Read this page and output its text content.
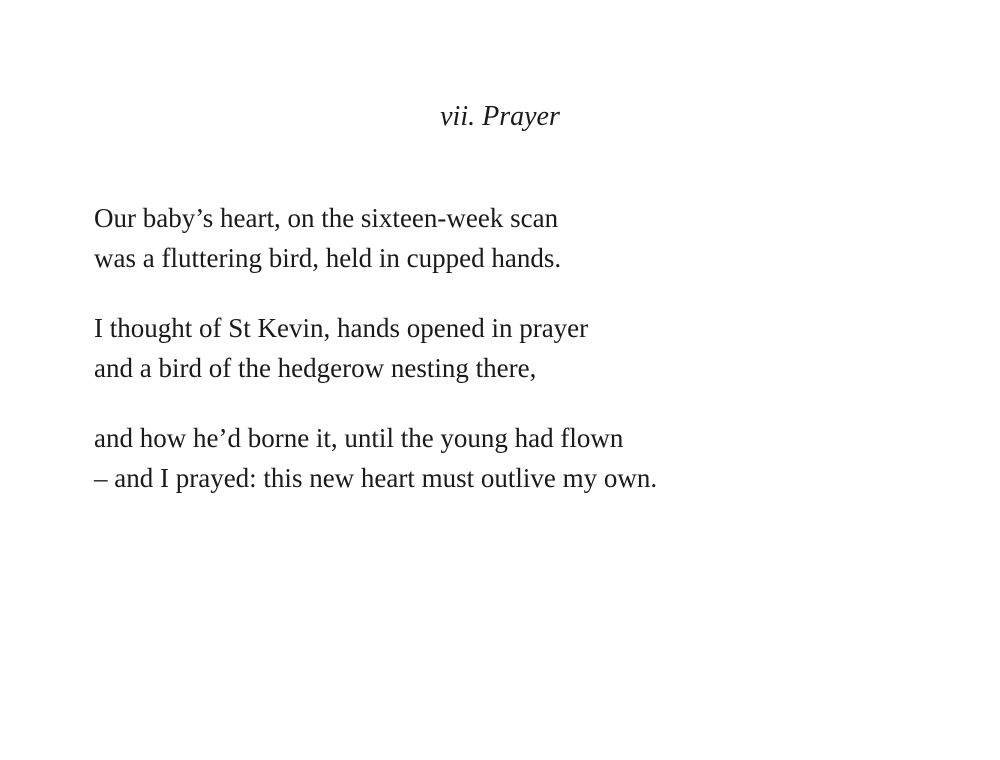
vii. Prayer
Our baby’s heart, on the sixteen-week scan
was a fluttering bird, held in cupped hands.
I thought of St Kevin, hands opened in prayer
and a bird of the hedgerow nesting there,
and how he’d borne it, until the young had flown
– and I prayed: this new heart must outlive my own.
